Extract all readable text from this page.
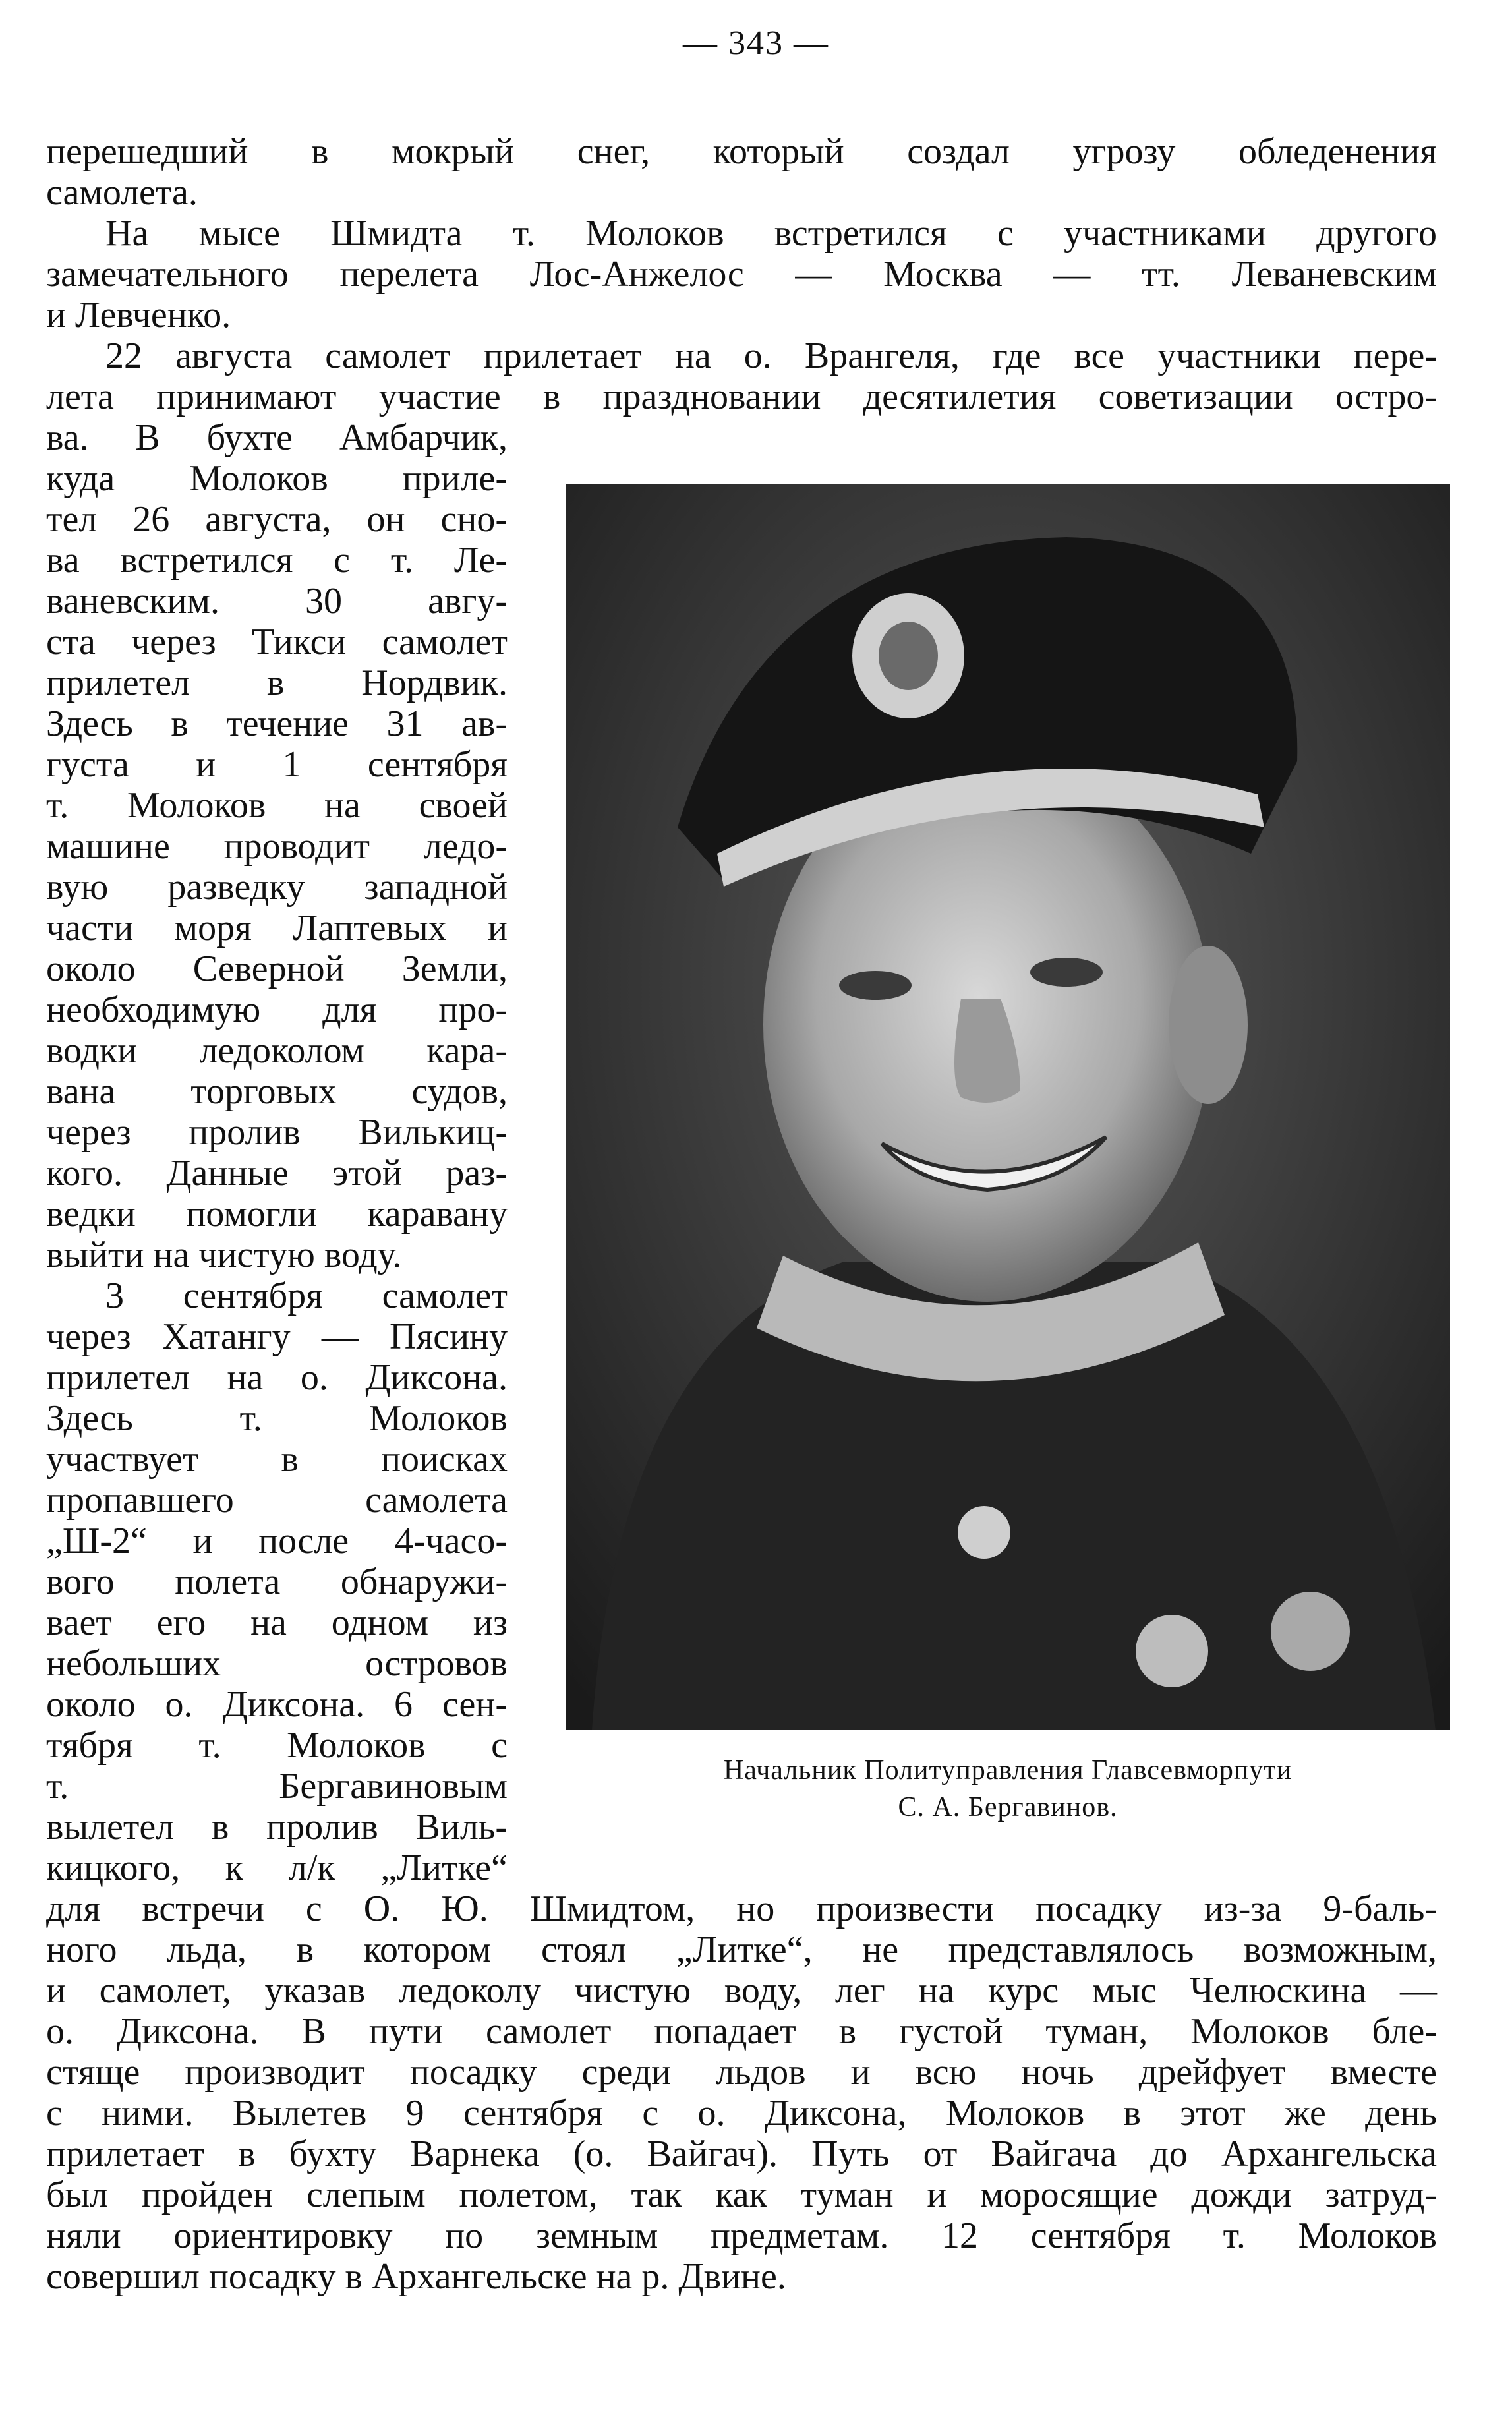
— 343 —
перешедший в мокрый снег, который создал угрозу обледенения
самолета.
На мысе Шмидта т. Молоков встретился с участниками другого
замечательного перелета Лос-Анжелос — Москва — тт. Леваневским
и Левченко.
22 августа самолет прилетает на о. Врангеля, где все участники пере-
лета принимают участие в праздновании десятилетия советизации остро-
ва. В бухте Амбарчик,
куда Молоков приле-
тел 26 августа, он сно-
ва встретился с т. Ле-
ваневским. 30 авгу-
ста через Тикси самолет
прилетел в Нордвик.
Здесь в течение 31 ав-
густа и 1 сентября
т. Молоков на своей
машине проводит ледо-
вую разведку западной
части моря Лаптевых и
около Северной Земли,
необходимую для про-
водки ледоколом кара-
вана торговых судов,
через пролив Вилькиц-
кого. Данные этой раз-
ведки помогли каравану
выйти на чистую воду.
3 сентября самолет
через Хатангу — Пясину
прилетел на о. Диксона.
Здесь т. Молоков
участвует в поисках
пропавшего самолета
„Ш-2“ и после 4-часо-
вого полета обнаружи-
вает его на одном из
небольших островов
около о. Диксона. 6 сен-
тября т. Молоков с
т. Бергавиновым
вылетел в пролив Виль-
кицкого, к л/к „Литке“
Начальник Политуправления Главсевморпути
С. А. Бергавинов.
для встречи с О. Ю. Шмидтом, но произвести посадку из-за 9-баль-
ного льда, в котором стоял „Литке“, не представлялось возможным,
и самолет, указав ледоколу чистую воду, лег на курс мыс Челюскина —
о. Диксона. В пути самолет попадает в густой туман, Молоков бле-
стяще производит посадку среди льдов и всю ночь дрейфует вместе
с ними. Вылетев 9 сентября с о. Диксона, Молоков в этот же день
прилетает в бухту Варнека (о. Вайгач). Путь от Вайгача до Архангельска
был пройден слепым полетом, так как туман и моросящие дожди затруд-
няли ориентировку по земным предметам. 12 сентября т. Молоков
совершил посадку в Архангельске на р. Двине.
